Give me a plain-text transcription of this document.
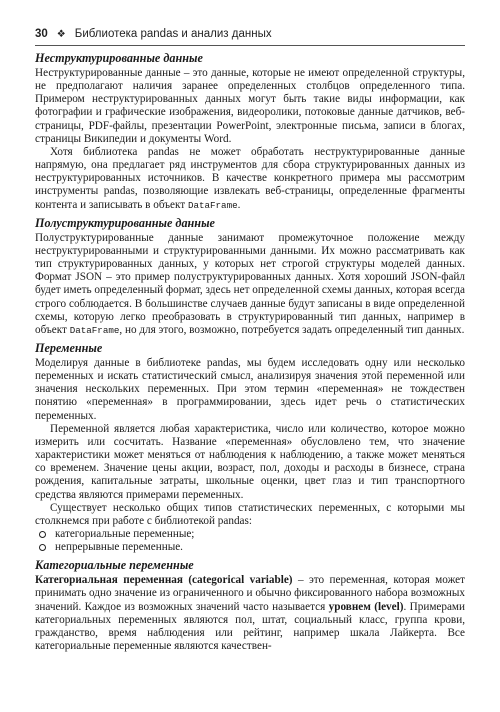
30 ❖ Библиотека pandas и анализ данных
Неструктурированные данные

Неструктурированные данные – это данные, которые не имеют определенной структуры, не предполагают наличия заранее определенных столбцов определенного типа. Примером неструктурированных данных могут быть такие виды информации, как фотографии и графические изображения, видеоролики, потоковые данные датчиков, веб-страницы, PDF-файлы, презентации PowerPoint, электронные письма, записи в блогах, страницы Википедии и документы Word.

Хотя библиотека pandas не может обработать неструктурированные данные напрямую, она предлагает ряд инструментов для сбора структурированных данных из неструктурированных источников. В качестве конкретного примера мы рассмотрим инструменты pandas, позволяющие извлекать веб-страницы, определенные фрагменты контента и записывать в объект DataFrame.

Полуструктурированные данные

Полуструктурированные данные занимают промежуточное положение между неструктурированными и структурированными данными. Их можно рассматривать как тип структурированных данных, у которых нет строгой структуры моделей данных. Формат JSON – это пример полуструктурированных данных. Хотя хороший JSON-файл будет иметь определенный формат, здесь нет определенной схемы данных, которая всегда строго соблюдается. В большинстве случаев данные будут записаны в виде определенной схемы, которую легко преобразовать в структурированный тип данных, например в объект DataFrame, но для этого, возможно, потребуется задать определенный тип данных.

Переменные

Моделируя данные в библиотеке pandas, мы будем исследовать одну или несколько переменных и искать статистический смысл, анализируя значения этой переменной или значения нескольких переменных. При этом термин «переменная» не тождествен понятию «переменная» в программировании, здесь идет речь о статистических переменных.

Переменной является любая характеристика, число или количество, которое можно измерить или сосчитать. Название «переменная» обусловлено тем, что значение характеристики может меняться от наблюдения к наблюдению, а также может меняться со временем. Значение цены акции, возраст, пол, доходы и расходы в бизнесе, страна рождения, капитальные затраты, школьные оценки, цвет глаз и тип транспортного средства являются примерами переменных.

Существует несколько общих типов статистических переменных, с которыми мы столкнемся при работе с библиотекой pandas:

категориальные переменные;
непрерывные переменные.
Категориальные переменные

Категориальная переменная (categorical variable) – это переменная, которая может принимать одно значение из ограниченного и обычно фиксированного набора возможных значений. Каждое из возможных значений часто называется уровнем (level). Примерами категориальных переменных являются пол, штат, социальный класс, группа крови, гражданство, время наблюдения или рейтинг, например шкала Лайкерта. Все категориальные переменные являются качествен-
